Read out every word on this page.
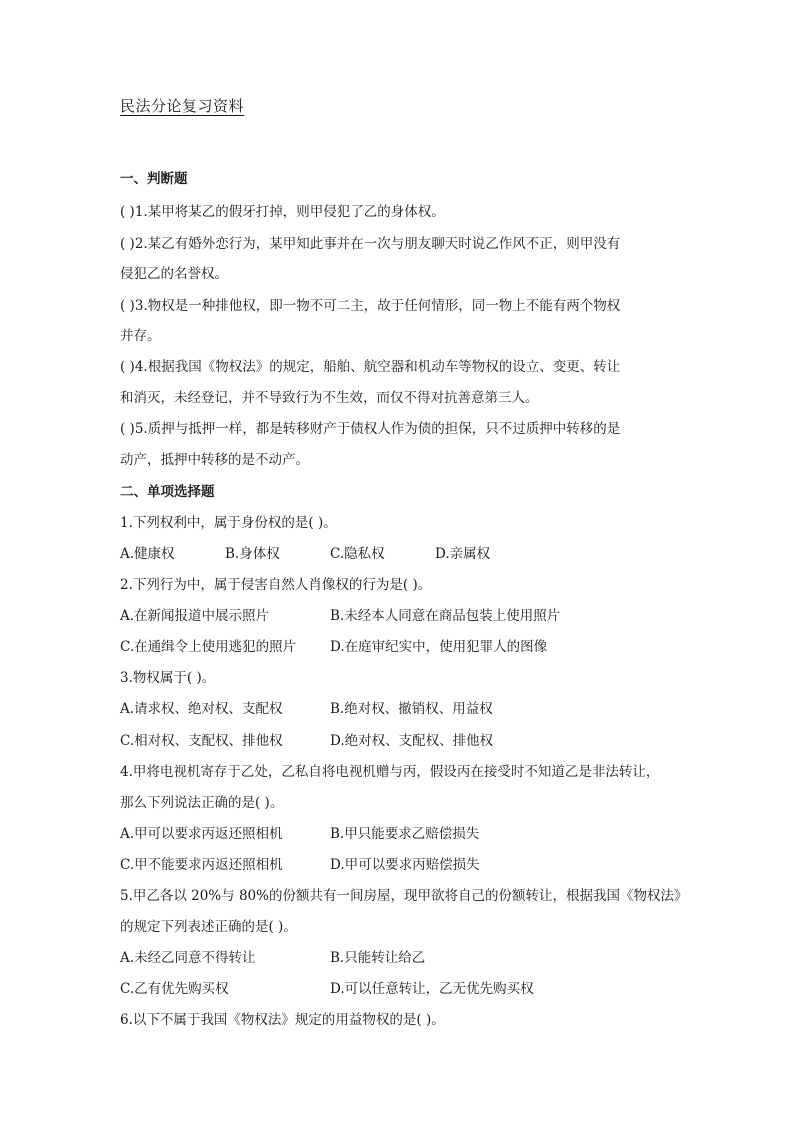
民法分论复习资料
一、判断题
( )1.某甲将某乙的假牙打掉，则甲侵犯了乙的身体权。
( )2.某乙有婚外恋行为，某甲知此事并在一次与朋友聊天时说乙作风不正，则甲没有
侵犯乙的名誉权。
( )3.物权是一种排他权，即一物不可二主，故于任何情形，同一物上不能有两个物权
并存。
( )4.根据我国《物权法》的规定，船舶、航空器和机动车等物权的设立、变更、转让
和消灭，未经登记，并不导致行为不生效，而仅不得对抗善意第三人。
( )5.质押与抵押一样，都是转移财产于债权人作为债的担保，只不过质押中转移的是
动产，抵押中转移的是不动产。
二、单项选择题
1.下列权利中，属于身份权的是( )。
A.健康权	B.身体权	C.隐私权	D.亲属权
2.下列行为中，属于侵害自然人肖像权的行为是( )。
A.在新闻报道中展示照片	B.未经本人同意在商品包装上使用照片
C.在通缉令上使用逃犯的照片	D.在庭审纪实中，使用犯罪人的图像
3.物权属于( )。
A.请求权、绝对权、支配权	B.绝对权、撤销权、用益权
C.相对权、支配权、排他权	D.绝对权、支配权、排他权
4.甲将电视机寄存于乙处，乙私自将电视机赠与丙，假设丙在接受时不知道乙是非法转让，
那么下列说法正确的是( )。
A.甲可以要求丙返还照相机	B.甲只能要求乙赔偿损失
C.甲不能要求丙返还照相机	D.甲可以要求丙赔偿损失
5.甲乙各以 20%与 80%的份额共有一间房屋，现甲欲将自己的份额转让，根据我国《物权法》
的规定下列表述正确的是( )。
A.未经乙同意不得转让	B.只能转让给乙
C.乙有优先购买权	D.可以任意转让，乙无优先购买权
6.以下不属于我国《物权法》规定的用益物权的是( )。
